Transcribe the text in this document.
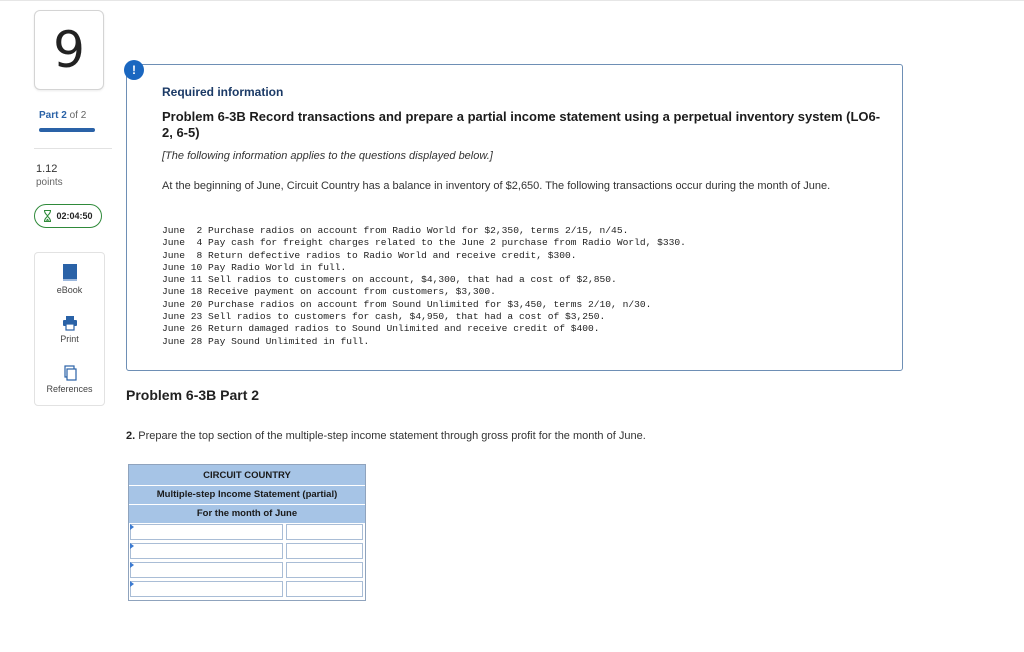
9
Part 2 of 2
1.12
points
02:04:50
eBook
Print
References
Required information
Problem 6-3B Record transactions and prepare a partial income statement using a perpetual inventory system (LO6-2, 6-5)
[The following information applies to the questions displayed below.]
At the beginning of June, Circuit Country has a balance in inventory of $2,650. The following transactions occur during the month of June.
June  2 Purchase radios on account from Radio World for $2,350, terms 2/15, n/45.
June  4 Pay cash for freight charges related to the June 2 purchase from Radio World, $330.
June  8 Return defective radios to Radio World and receive credit, $300.
June 10 Pay Radio World in full.
June 11 Sell radios to customers on account, $4,300, that had a cost of $2,850.
June 18 Receive payment on account from customers, $3,300.
June 20 Purchase radios on account from Sound Unlimited for $3,450, terms 2/10, n/30.
June 23 Sell radios to customers for cash, $4,950, that had a cost of $3,250.
June 26 Return damaged radios to Sound Unlimited and receive credit of $400.
June 28 Pay Sound Unlimited in full.
!
Problem 6-3B Part 2
2. Prepare the top section of the multiple-step income statement through gross profit for the month of June.
CIRCUIT COUNTRY
Multiple-step Income Statement (partial)
For the month of June
